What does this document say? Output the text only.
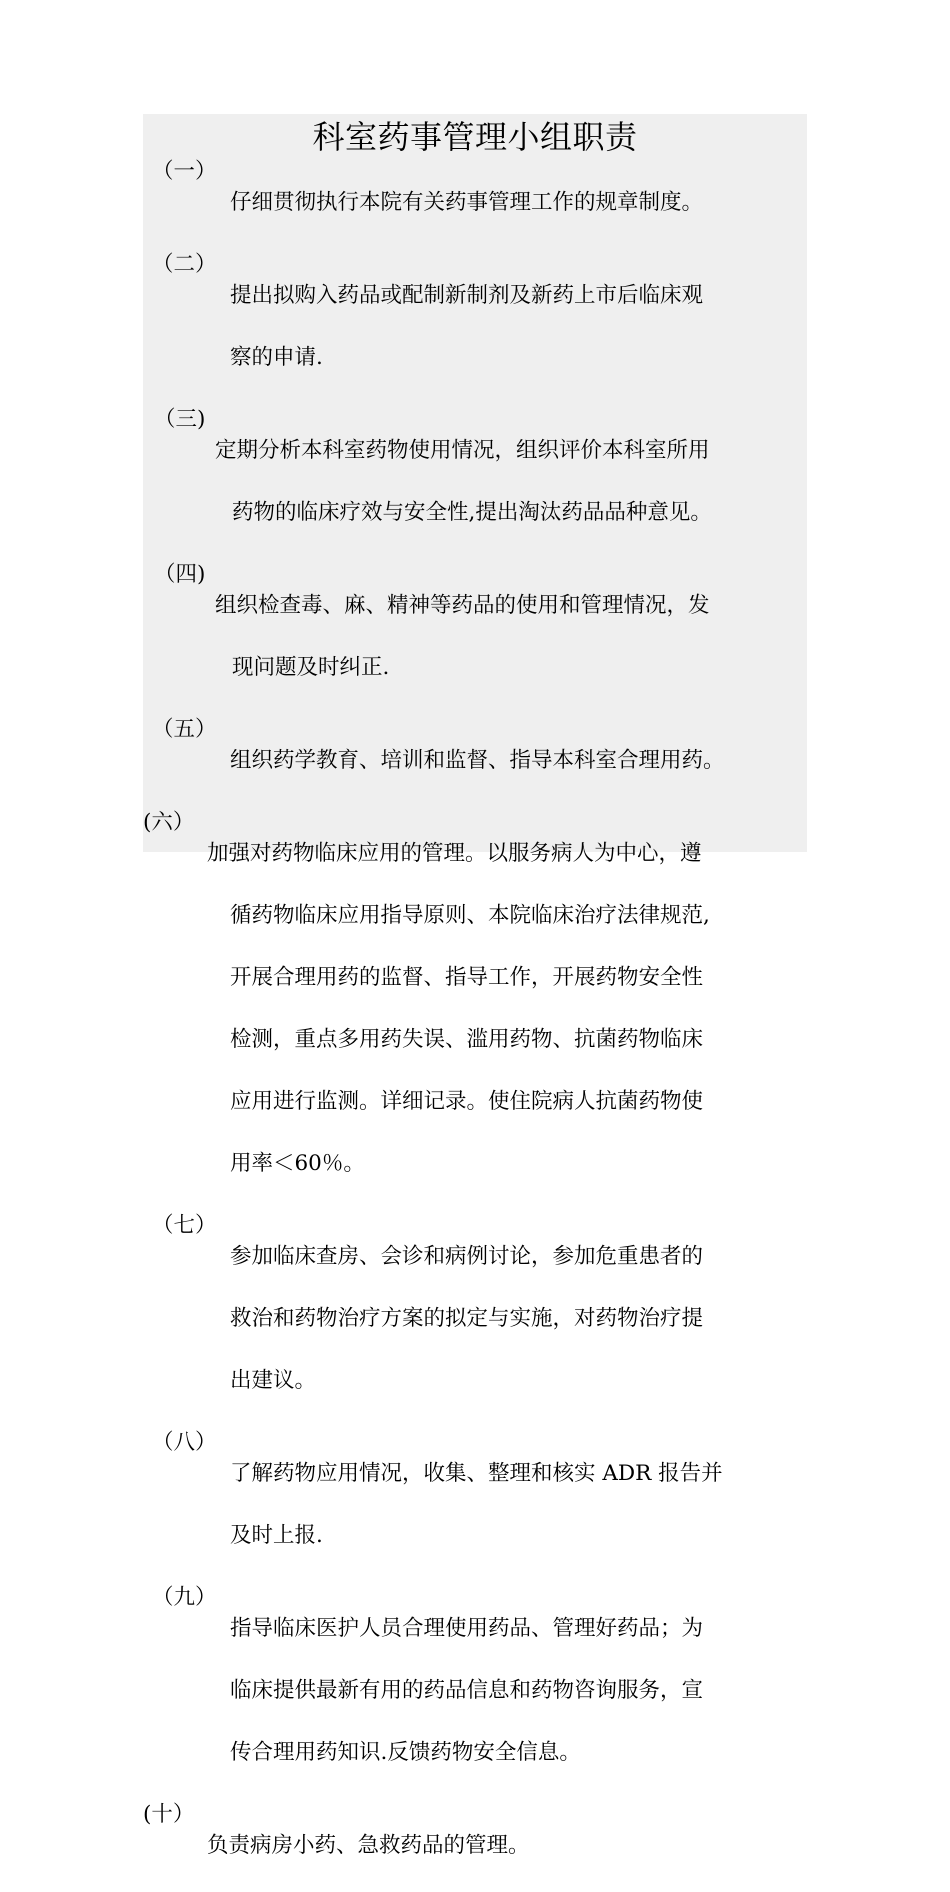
科室药事管理小组职责
（一）

仔细贯彻执行本院有关药事管理工作的规章制度。

（二）

提出拟购入药品或配制新制剂及新药上市后临床观

察的申请.

（三)

定期分析本科室药物使用情况，组织评价本科室所用

药物的临床疗效与安全性,提出淘汰药品品种意见。

（四)

组织检查毒、麻、精神等药品的使用和管理情况，发

现问题及时纠正.

（五）

组织药学教育、培训和监督、指导本科室合理用药。

(六）

加强对药物临床应用的管理。以服务病人为中心，遵

循药物临床应用指导原则、本院临床治疗法律规范,

开展合理用药的监督、指导工作，开展药物安全性

检测，重点多用药失误、滥用药物、抗菌药物临床

应用进行监测。详细记录。使住院病人抗菌药物使

用率＜60％。

（七）

参加临床查房、会诊和病例讨论，参加危重患者的

救治和药物治疗方案的拟定与实施，对药物治疗提

出建议。

（八）

了解药物应用情况，收集、整理和核实 ADR 报告并

及时上报.

（九）

指导临床医护人员合理使用药品、管理好药品；为

临床提供最新有用的药品信息和药物咨询服务，宣

传合理用药知识.反馈药物安全信息。

(十）

负责病房小药、急救药品的管理。
